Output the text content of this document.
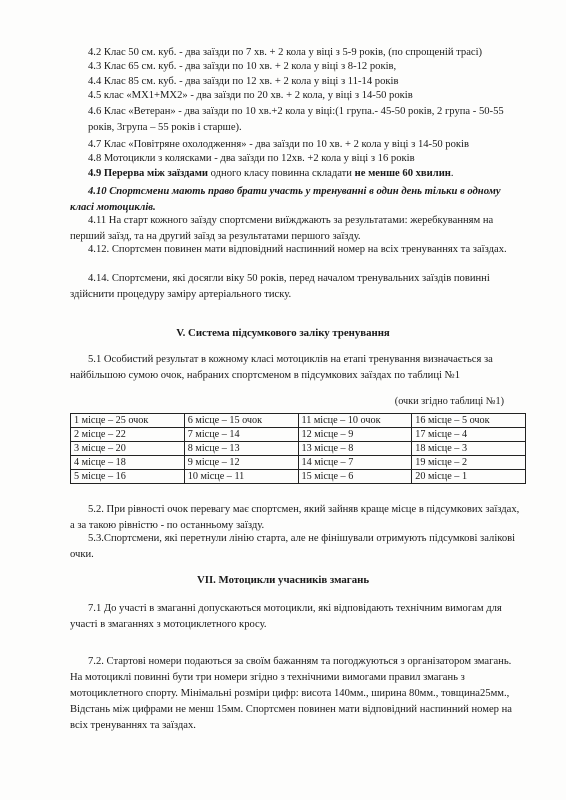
4.2 Клас 50 см. куб. - два заїзди по 7 хв. + 2 кола у віці з 5-9 років, (по спрощеній трасі)
4.3 Клас 65 см. куб. - два заїзди по 10 хв. + 2 кола у віці з 8-12 років,
4.4 Клас 85 см. куб. - два заїзди по 12 хв. + 2 кола у віці з 11-14 років
4.5 клас «MX1+MX2» - два заїзди по 20 хв. + 2 кола, у віці з 14-50 років

4.6 Клас «Ветеран» - два заїзди по 10 хв.+2 кола у віці:(1 група.- 45-50 років, 2 група - 50-55 років, 3група – 55 років і старше).

4.7 Клас «Повітряне охолодження» - два заїзди по 10 хв. + 2 кола у віці з 14-50 років
4.8 Мотоцикли з колясками - два заїзди по 12хв. +2 кола у віці з 16 років
4.9 Перерва між заїздами одного класу повинна складати не менше 60 хвилин.

4.10 Спортсмени мають право брати участь у тренуванні в один день тільки в одному класі мотоциклів.

4.11 На старт кожного заїзду спортсмени виїжджають за результатами: жеребкуванням на перший заїзд, та на другий заїзд за результатами першого заїзду.

4.12. Спортсмен повинен мати відповідний наспинний номер на всіх тренуваннях та заїздах.

4.14. Спортсмени, які досягли віку 50 років, перед началом тренувальних заїздів повинні здійснити процедуру заміру артеріального тиску.

V. Система підсумкового заліку тренування

5.1 Особистий результат в кожному класі мотоциклів на етапі тренування визначається за найбільшою сумою очок, набраних спортсменом в підсумкових заїздах по таблиці №1

(очки згідно таблиці №1)
1 місце – 25 очок	6 місце – 15 очок	11 місце – 10 очок	16 місце – 5 очок
2 місце – 22	7 місце – 14	12 місце – 9	17 місце – 4
3 місце – 20	8 місце – 13	13 місце – 8	18 місце – 3
4 місце – 18	9 місце – 12	14 місце – 7	19 місце – 2
5 місце – 16	10 місце – 11	15 місце – 6	20 місце – 1

5.2. При рівності очок перевагу має спортсмен, який зайняв краще місце в підсумкових заїздах, а за такою рівністю - по останньому заїзду.

5.3.Спортсмени, які перетнули лінію старта, але не фінішували отримують підсумкові залікові очки.

VII. Мотоцикли учасників змагань

7.1 До участі в змаганні допускаються мотоцикли, які відповідають технічним вимогам для участі в змаганнях з мотоциклетного кросу.

7.2. Стартові номери подаються за своїм бажанням та погоджуються з організатором змагань. На мотоциклі повинні бути три номери згідно з технічними вимогами правил змагань з мотоциклетного спорту. Мінімальні розміри цифр: висота 140мм., ширина 80мм., товщина25мм., Відстань між цифрами не менш 15мм. Спортсмен повинен мати відповідний наспинний номер на всіх тренуваннях та заїздах.
